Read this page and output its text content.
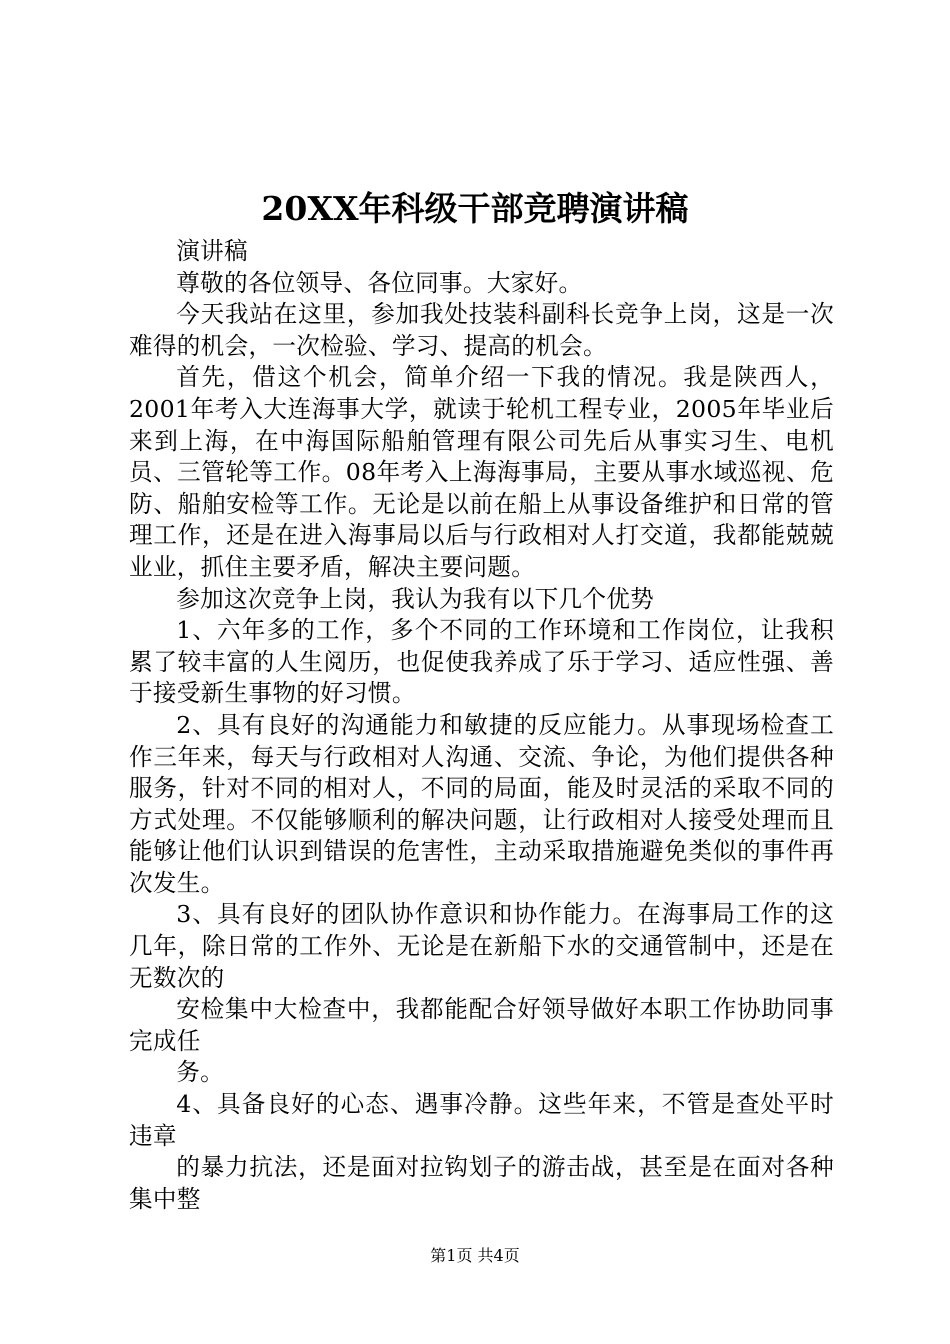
20XX年科级干部竞聘演讲稿

演讲稿

尊敬的各位领导、各位同事。大家好。

今天我站在这里，参加我处技装科副科长竞争上岗，这是一次难得的机会，一次检验、学习、提高的机会。

首先，借这个机会，简单介绍一下我的情况。我是陕西人，2001年考入大连海事大学，就读于轮机工程专业，2005年毕业后来到上海，在中海国际船舶管理有限公司先后从事实习生、电机员、三管轮等工作。08年考入上海海事局，主要从事水域巡视、危防、船舶安检等工作。无论是以前在船上从事设备维护和日常的管理工作，还是在进入海事局以后与行政相对人打交道，我都能兢兢业业，抓住主要矛盾，解决主要问题。

参加这次竞争上岗，我认为我有以下几个优势

1、六年多的工作，多个不同的工作环境和工作岗位，让我积累了较丰富的人生阅历，也促使我养成了乐于学习、适应性强、善于接受新生事物的好习惯。

2、具有良好的沟通能力和敏捷的反应能力。从事现场检查工作三年来，每天与行政相对人沟通、交流、争论，为他们提供各种服务，针对不同的相对人，不同的局面，能及时灵活的采取不同的方式处理。不仅能够顺利的解决问题，让行政相对人接受处理而且能够让他们认识到错误的危害性，主动采取措施避免类似的事件再次发生。

3、具有良好的团队协作意识和协作能力。在海事局工作的这几年，除日常的工作外、无论是在新船下水的交通管制中，还是在无数次的

安检集中大检查中，我都能配合好领导做好本职工作协助同事完成任

务。

4、具备良好的心态、遇事冷静。这些年来，不管是查处平时违章

的暴力抗法，还是面对拉钩划子的游击战，甚至是在面对各种集中整

第1页 共4页
